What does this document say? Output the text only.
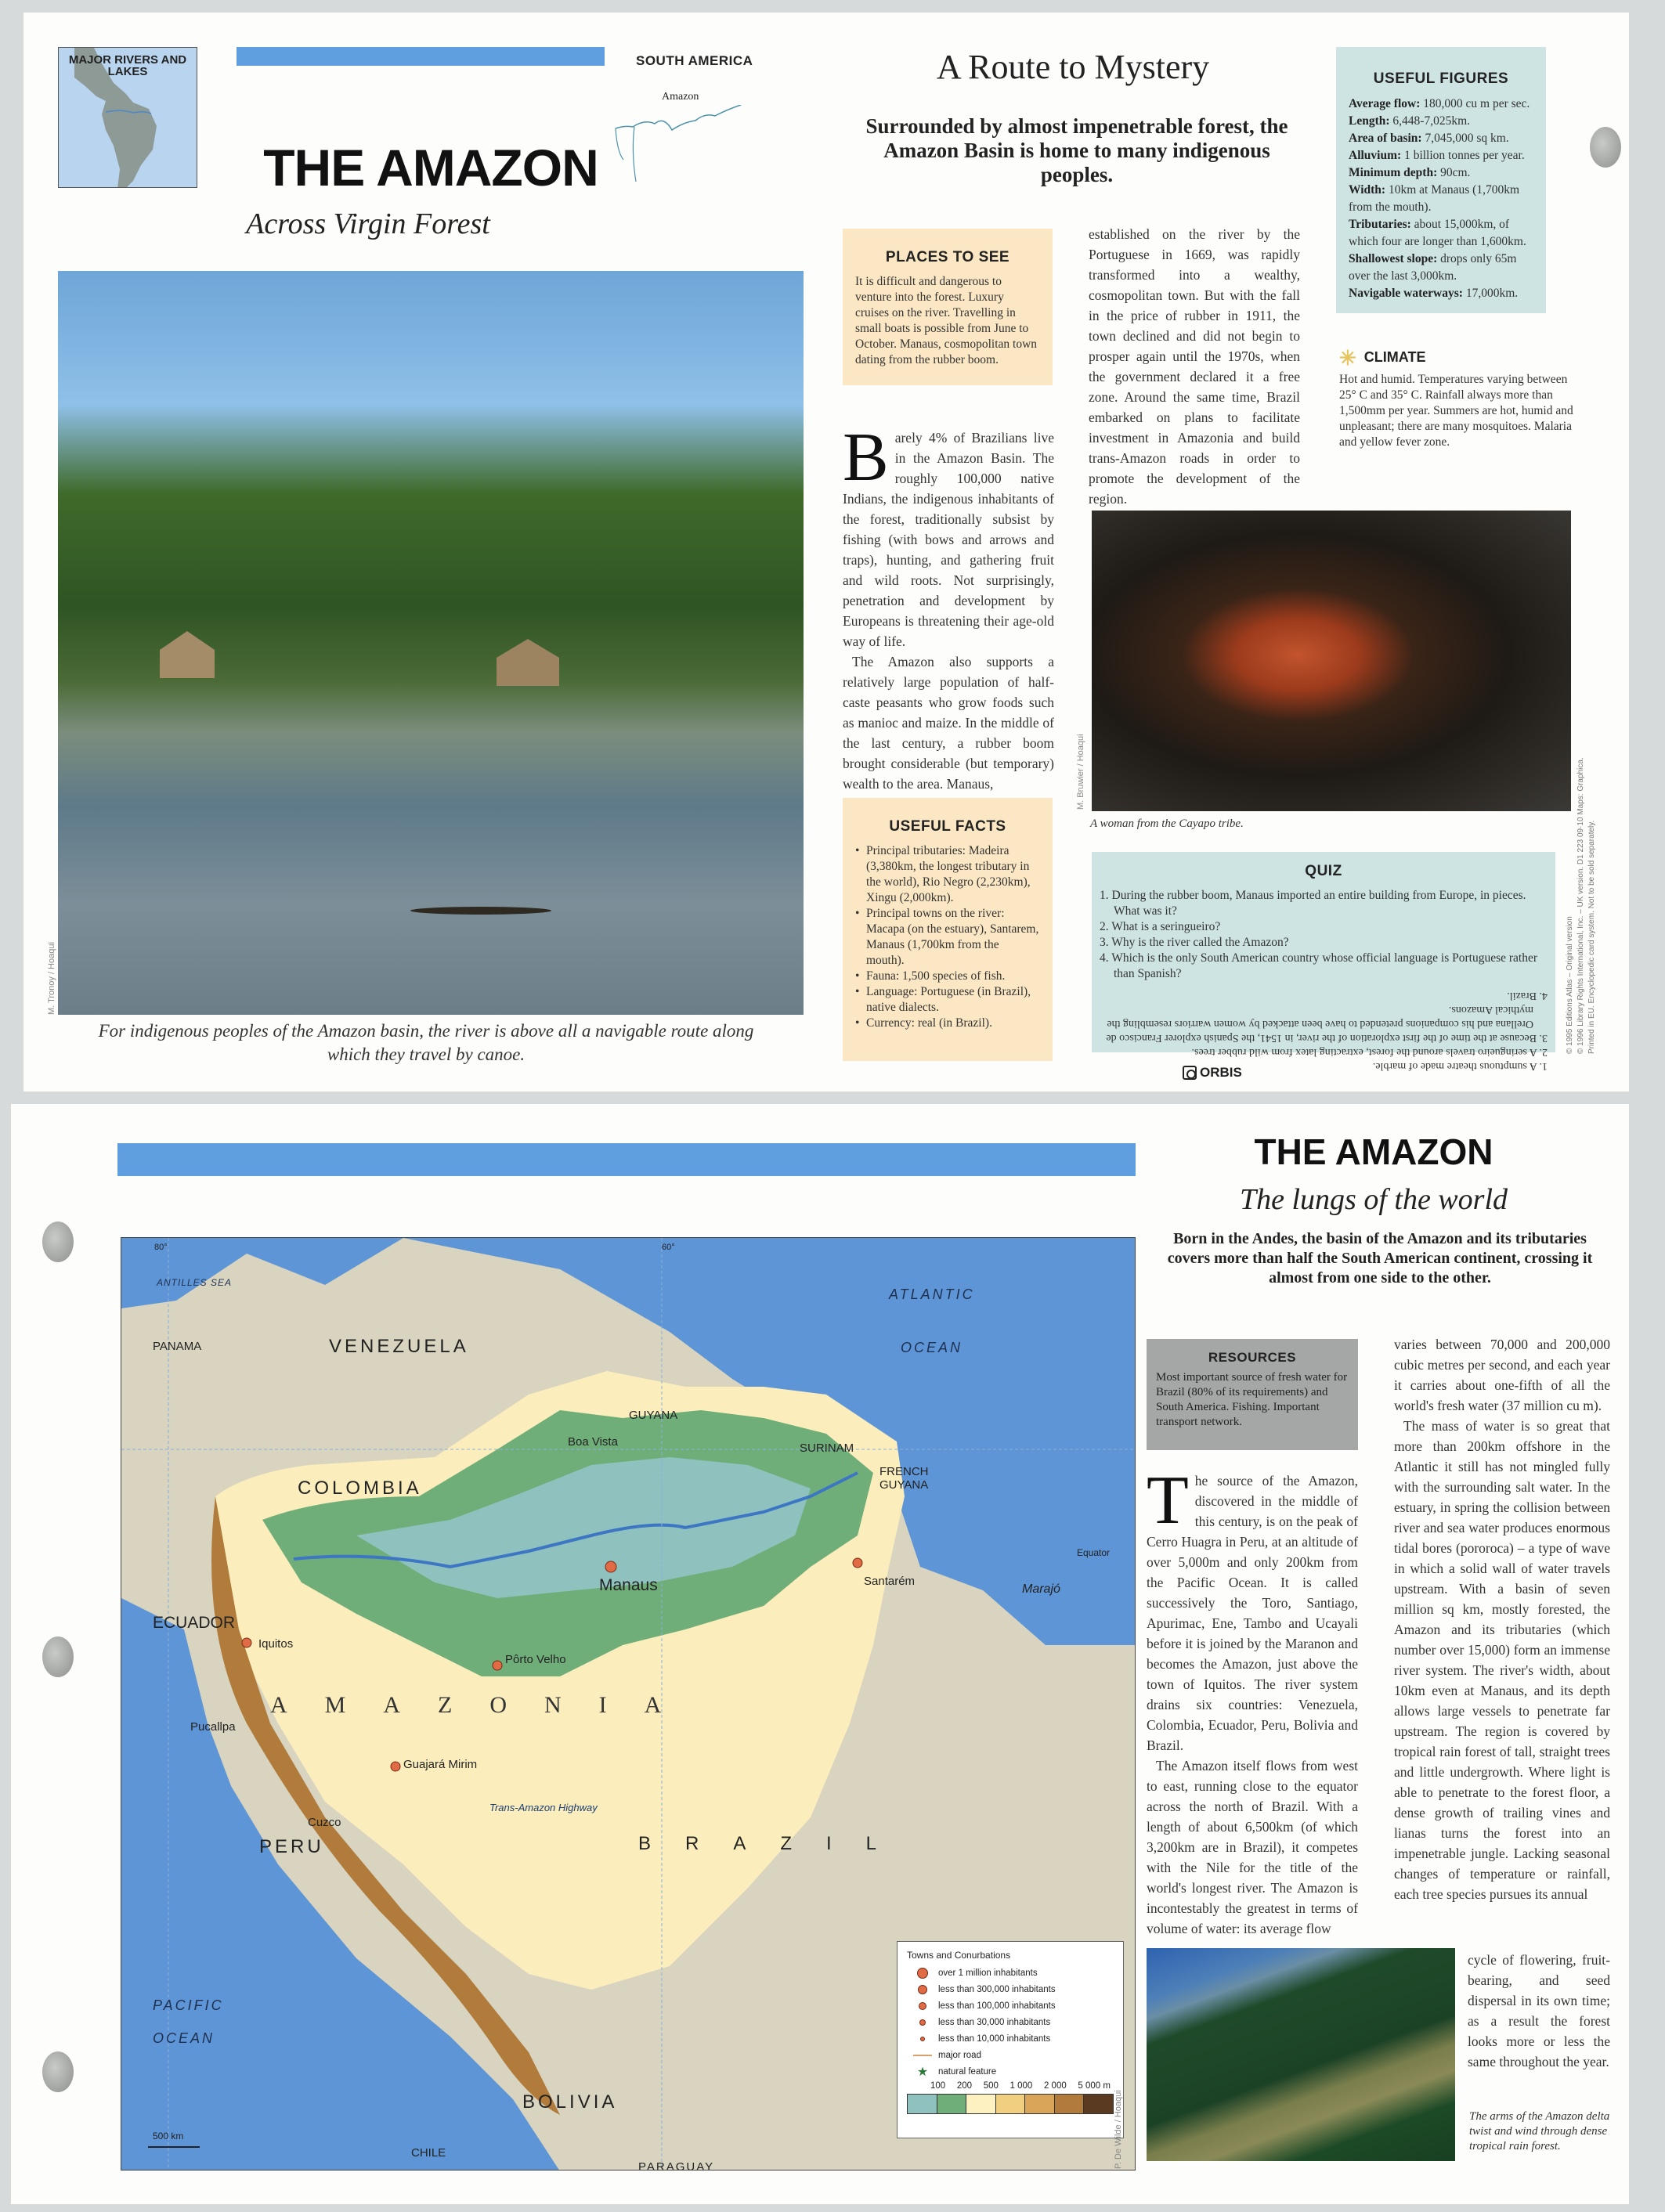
MAJOR RIVERS AND LAKES
SOUTH AMERICA
Amazon
THE AMAZON
Across Virgin Forest
M. Tronoy / Hoaqui
For indigenous peoples of the Amazon basin, the river is above all a navigable route along which they travel by canoe.
A Route to Mystery
Surrounded by almost impenetrable forest, the Amazon Basin is home to many indigenous peoples.
PLACES TO SEE
It is difficult and dangerous to venture into the forest. Luxury cruises on the river. Travelling in small boats is possible from June to October. Manaus, cosmopolitan town dating from the rubber boom.
B arely 4% of Brazilians live in the Amazon Basin. The roughly 100,000 native Indians, the indigenous inhabitants of the forest, traditionally subsist by fishing (with bows and arrows and traps), hunting, and gathering fruit and wild roots. Not surprisingly, penetration and development by Europeans is threatening their age-old way of life.

The Amazon also supports a relatively large population of half-caste peasants who grow foods such as manioc and maize. In the middle of the last century, a rubber boom brought considerable (but temporary) wealth to the area. Manaus,

established on the river by the Portuguese in 1669, was rapidly transformed into a wealthy, cosmopolitan town. But with the fall in the price of rubber in 1911, the town declined and did not begin to prosper again until the 1970s, when the government declared it a free zone. Around the same time, Brazil embarked on plans to facilitate investment in Amazonia and build trans-Amazon roads in order to promote the development of the region.

USEFUL FIGURES

Average flow: 180,000 cu m per sec.

Length: 6,448-7,025km.

Area of basin: 7,045,000 sq km.

Alluvium: 1 billion tonnes per year.

Minimum depth: 90cm.

Width: 10km at Manaus (1,700km from the mouth).

Tributaries: about 15,000km, of which four are longer than 1,600km.

Shallowest slope: drops only 65m over the last 3,000km.

Navigable waterways: 17,000km.

✳ CLIMATE
Hot and humid. Temperatures varying between 25° C and 35° C. Rainfall always more than 1,500mm per year. Summers are hot, humid and unpleasant; there are many mosquitoes. Malaria and yellow fever zone.
M. Bruwier / Hoaqui
A woman from the Cayapo tribe.
USEFUL FACTS
• Principal tributaries: Madeira (3,380km, the longest tributary in the world), Rio Negro (2,230km), Xingu (2,000km).
• Principal towns on the river: Macapa (on the estuary), Santarem, Manaus (1,700km from the mouth).
• Fauna: 1,500 species of fish.
• Language: Portuguese (in Brazil), native dialects.
• Currency: real (in Brazil).
QUIZ
1. During the rubber boom, Manaus imported an entire building from Europe, in pieces. What was it?
2. What is a seringueiro?
3. Why is the river called the Amazon?
4. Which is the only South American country whose official language is Portuguese rather than Spanish?
1. A sumptuous theatre made of marble.
2. A seringueiro travels around the forest, extracting latex from wild rubber trees.
3. Because at the time of the first exploration of the river, in 1541, the Spanish explorer Francisco de Orellana and his companions pretended to have been attacked by women warriors resembling the mythical Amazons.
4. Brazil. © 1995 Editions Atlas – Original version © 1996 Library Rights International, Inc. – UK version. D1 223 09·10 Maps: Graphica. Printed in EU. Encyclopedic card system. Not to be sold separately.
ORBIS
80°	60°
ANTILLES SEA
ATLANTIC
OCEAN
PACIFIC
OCEAN
Equator
VENEZUELA
COLOMBIA
GUYANA
SURINAM
FRENCH GUYANA
PANAMA
ECUADOR
PERU	BRAZIL
BOLIVIA
CHILE
PARAGUAY
Manaus	Santarém
Boa Vista
Iquitos
Pucallpa
Pôrto Velho
Guajará Mirim
Cuzco
AMAZONIA
Trans-Amazon Highway
Marajó
Towns and Conurbations
over 1 million inhabitants
less than 300,000 inhabitants
less than 100,000 inhabitants
less than 30,000 inhabitants
less than 10,000 inhabitants
major road
★ natural feature
100 200 500 1 000 2 000 5 000 m
500 km	P. De Wilde / Hoaqui
THE AMAZON
The lungs of the world
Born in the Andes, the basin of the Amazon and its tributaries covers more than half the South American continent, crossing it almost from one side to the other.
RESOURCES
Most important source of fresh water for Brazil (80% of its requirements) and South America. Fishing. Important transport network.
T he source of the Amazon, discovered in the middle of this century, is on the peak of Cerro Huagra in Peru, at an altitude of over 5,000m and only 200km from the Pacific Ocean. It is called successively the Toro, Santiago, Apurimac, Ene, Tambo and Ucayali before it is joined by the Maranon and becomes the Amazon, just above the town of Iquitos. The river system drains six countries: Venezuela, Colombia, Ecuador, Peru, Bolivia and Brazil.

The Amazon itself flows from west to east, running close to the equator across the north of Brazil. With a length of about 6,500km (of which 3,200km are in Brazil), it competes with the Nile for the title of the world's longest river. The Amazon is incontestably the greatest in terms of volume of water: its average flow

varies between 70,000 and 200,000 cubic metres per second, and each year it carries about one-fifth of all the world's fresh water (37 million cu m).

The mass of water is so great that more than 200km offshore in the Atlantic it still has not mingled fully with the surrounding salt water. In the estuary, in spring the collision between river and sea water produces enormous tidal bores (pororoca) – a type of wave in which a solid wall of water travels upstream. With a basin of seven million sq km, mostly forested, the Amazon and its tributaries (which number over 15,000) form an immense river system. The river's width, about 10km even at Manaus, and its depth allows large vessels to penetrate far upstream. The region is covered by tropical rain forest of tall, straight trees and little undergrowth. Where light is able to penetrate to the forest floor, a dense growth of trailing vines and lianas turns the forest into an impenetrable jungle. Lacking seasonal changes of temperature or rainfall, each tree species pursues its annual

cycle of flowering, fruit-bearing, and seed dispersal in its own time; as a result the forest looks more or less the same throughout the year.

The arms of the Amazon delta twist and wind through dense tropical rain forest.
